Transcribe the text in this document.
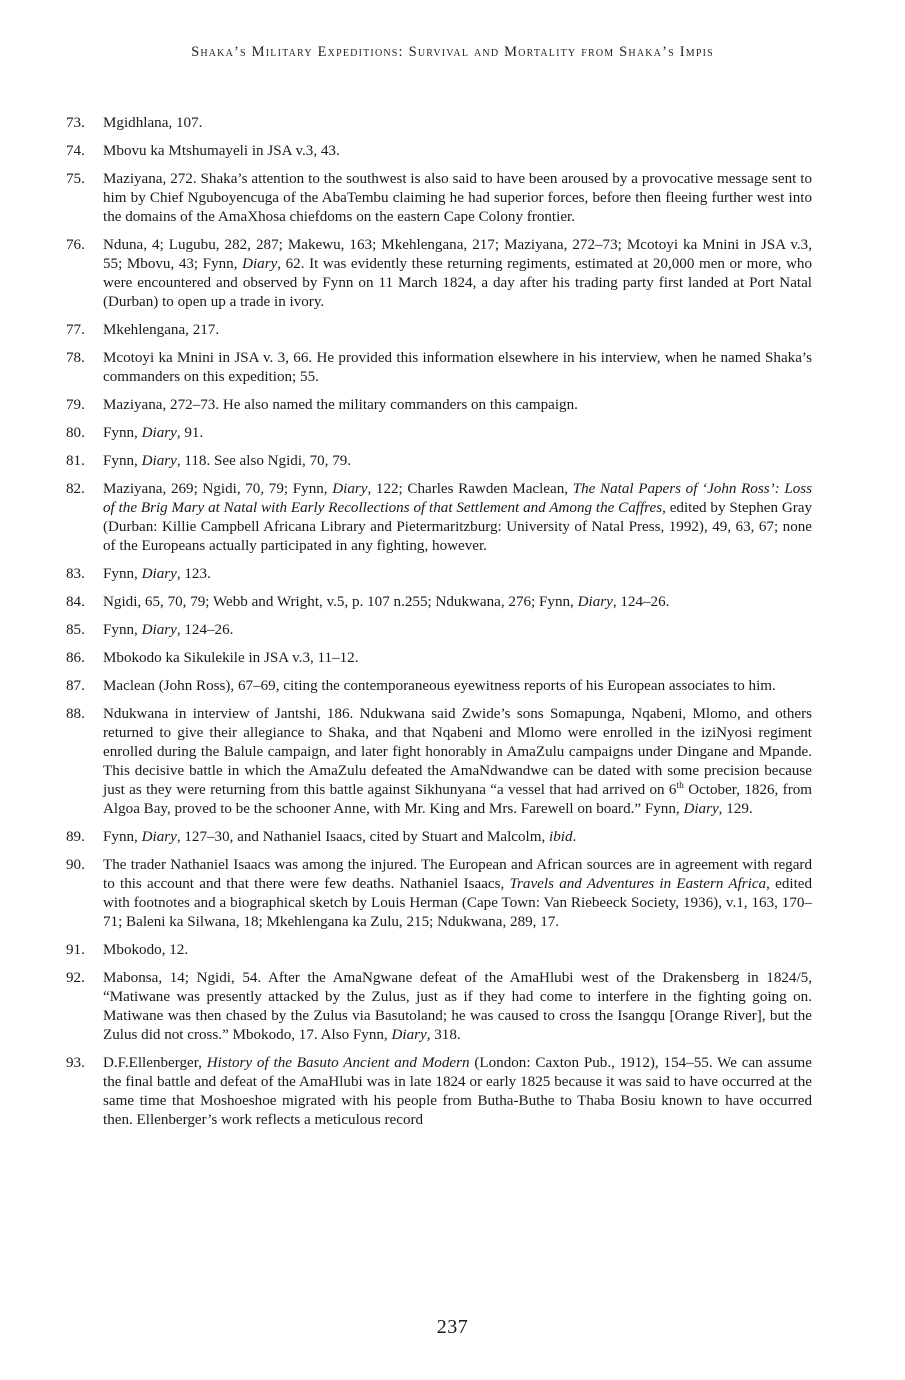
Shaka’s Military Expeditions: Survival and Mortality from Shaka’s Impis
73.	Mgidhlana, 107.
74.	Mbovu ka Mtshumayeli in JSA v.3, 43.
75.	Maziyana, 272. Shaka’s attention to the southwest is also said to have been aroused by a provocative message sent to him by Chief Nguboyencuga of the AbaTembu claiming he had superior forces, before then fleeing further west into the domains of the AmaXhosa chiefdoms on the eastern Cape Colony frontier.
76.	Nduna, 4; Lugubu, 282, 287; Makewu, 163; Mkehlengana, 217; Maziyana, 272–73; Mcotoyi ka Mnini in JSA v.3, 55; Mbovu, 43; Fynn, Diary, 62. It was evidently these returning regiments, estimated at 20,000 men or more, who were encountered and observed by Fynn on 11 March 1824, a day after his trading party first landed at Port Natal (Durban) to open up a trade in ivory.
77.	Mkehlengana, 217.
78.	Mcotoyi ka Mnini in JSA v. 3, 66. He provided this information elsewhere in his interview, when he named Shaka’s commanders on this expedition; 55.
79.	Maziyana, 272–73. He also named the military commanders on this campaign.
80.	Fynn, Diary, 91.
81.	Fynn, Diary, 118. See also Ngidi, 70, 79.
82.	Maziyana, 269; Ngidi, 70, 79; Fynn, Diary, 122; Charles Rawden Maclean, The Natal Papers of ‘John Ross’: Loss of the Brig Mary at Natal with Early Recollections of that Settlement and Among the Caffres, edited by Stephen Gray (Durban: Killie Campbell Africana Library and Pietermaritzburg: University of Natal Press, 1992), 49, 63, 67; none of the Europeans actually participated in any fighting, however.
83.	Fynn, Diary, 123.
84.	Ngidi, 65, 70, 79; Webb and Wright, v.5, p. 107 n.255; Ndukwana, 276; Fynn, Diary, 124–26.
85.	Fynn, Diary, 124–26.
86.	Mbokodo ka Sikulekile in JSA v.3, 11–12.
87.	Maclean (John Ross), 67–69, citing the contemporaneous eyewitness reports of his European associates to him.
88.	Ndukwana in interview of Jantshi, 186. Ndukwana said Zwide’s sons Somapunga, Nqabeni, Mlomo, and others returned to give their allegiance to Shaka, and that Nqabeni and Mlomo were enrolled in the iziNyosi regiment enrolled during the Balule campaign, and later fight honorably in AmaZulu campaigns under Dingane and Mpande. This decisive battle in which the AmaZulu defeated the AmaNdwandwe can be dated with some precision because just as they were returning from this battle against Sikhunyana “a vessel that had arrived on 6th October, 1826, from Algoa Bay, proved to be the schooner Anne, with Mr. King and Mrs. Farewell on board.” Fynn, Diary, 129.
89.	Fynn, Diary, 127–30, and Nathaniel Isaacs, cited by Stuart and Malcolm, ibid.
90.	The trader Nathaniel Isaacs was among the injured. The European and African sources are in agreement with regard to this account and that there were few deaths. Nathaniel Isaacs, Travels and Adventures in Eastern Africa, edited with footnotes and a biographical sketch by Louis Herman (Cape Town: Van Riebeeck Society, 1936), v.1, 163, 170–71; Baleni ka Silwana, 18; Mkehlengana ka Zulu, 215; Ndukwana, 289, 17.
91.	Mbokodo, 12.
92.	Mabonsa, 14; Ngidi, 54. After the AmaNgwane defeat of the AmaHlubi west of the Drakensberg in 1824/5, “Matiwane was presently attacked by the Zulus, just as if they had come to interfere in the fighting going on. Matiwane was then chased by the Zulus via Basutoland; he was caused to cross the Isangqu [Orange River], but the Zulus did not cross.” Mbokodo, 17. Also Fynn, Diary, 318.
93.	D.F.Ellenberger, History of the Basuto Ancient and Modern (London: Caxton Pub., 1912), 154–55. We can assume the final battle and defeat of the AmaHlubi was in late 1824 or early 1825 because it was said to have occurred at the same time that Moshoeshoe migrated with his people from Butha-Buthe to Thaba Bosiu known to have occurred then. Ellenberger’s work reflects a meticulous record
237
